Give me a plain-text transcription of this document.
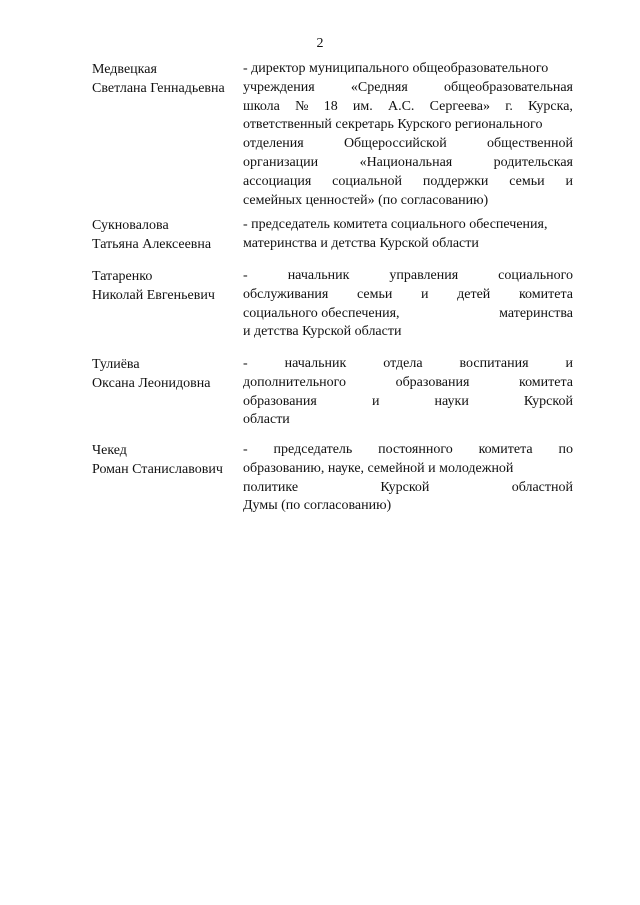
2
Медвецкая
Светлана Геннадьевна
- директор муниципального общеобразовательного
учреждения	«Средняя	общеобразовательная
школа № 18 им. А.С. Сергеева» г. Курска,
ответственный секретарь Курского регионального
отделения	Общероссийской	общественной
организации	«Национальная	родительская
ассоциация социальной поддержки семьи и
семейных ценностей» (по согласованию)
Сукновалова
Татьяна Алексеевна
- председатель комитета социального обеспечения,
материнства и детства Курской области
Татаренко
Николай Евгеньевич
-	начальник	управления	социального
обслуживания семьи и детей комитета
социального обеспечения,	материнства
и детства Курской области
Тулиёва
Оксана Леонидовна
-	начальник	отдела	воспитания	и
дополнительного	образования	комитета
образования	и	науки	Курской
области
Чекед
Роман Станиславович
- председатель постоянного комитета по
образованию, науке, семейной и молодежной
политике	Курской	областной
Думы (по согласованию)
